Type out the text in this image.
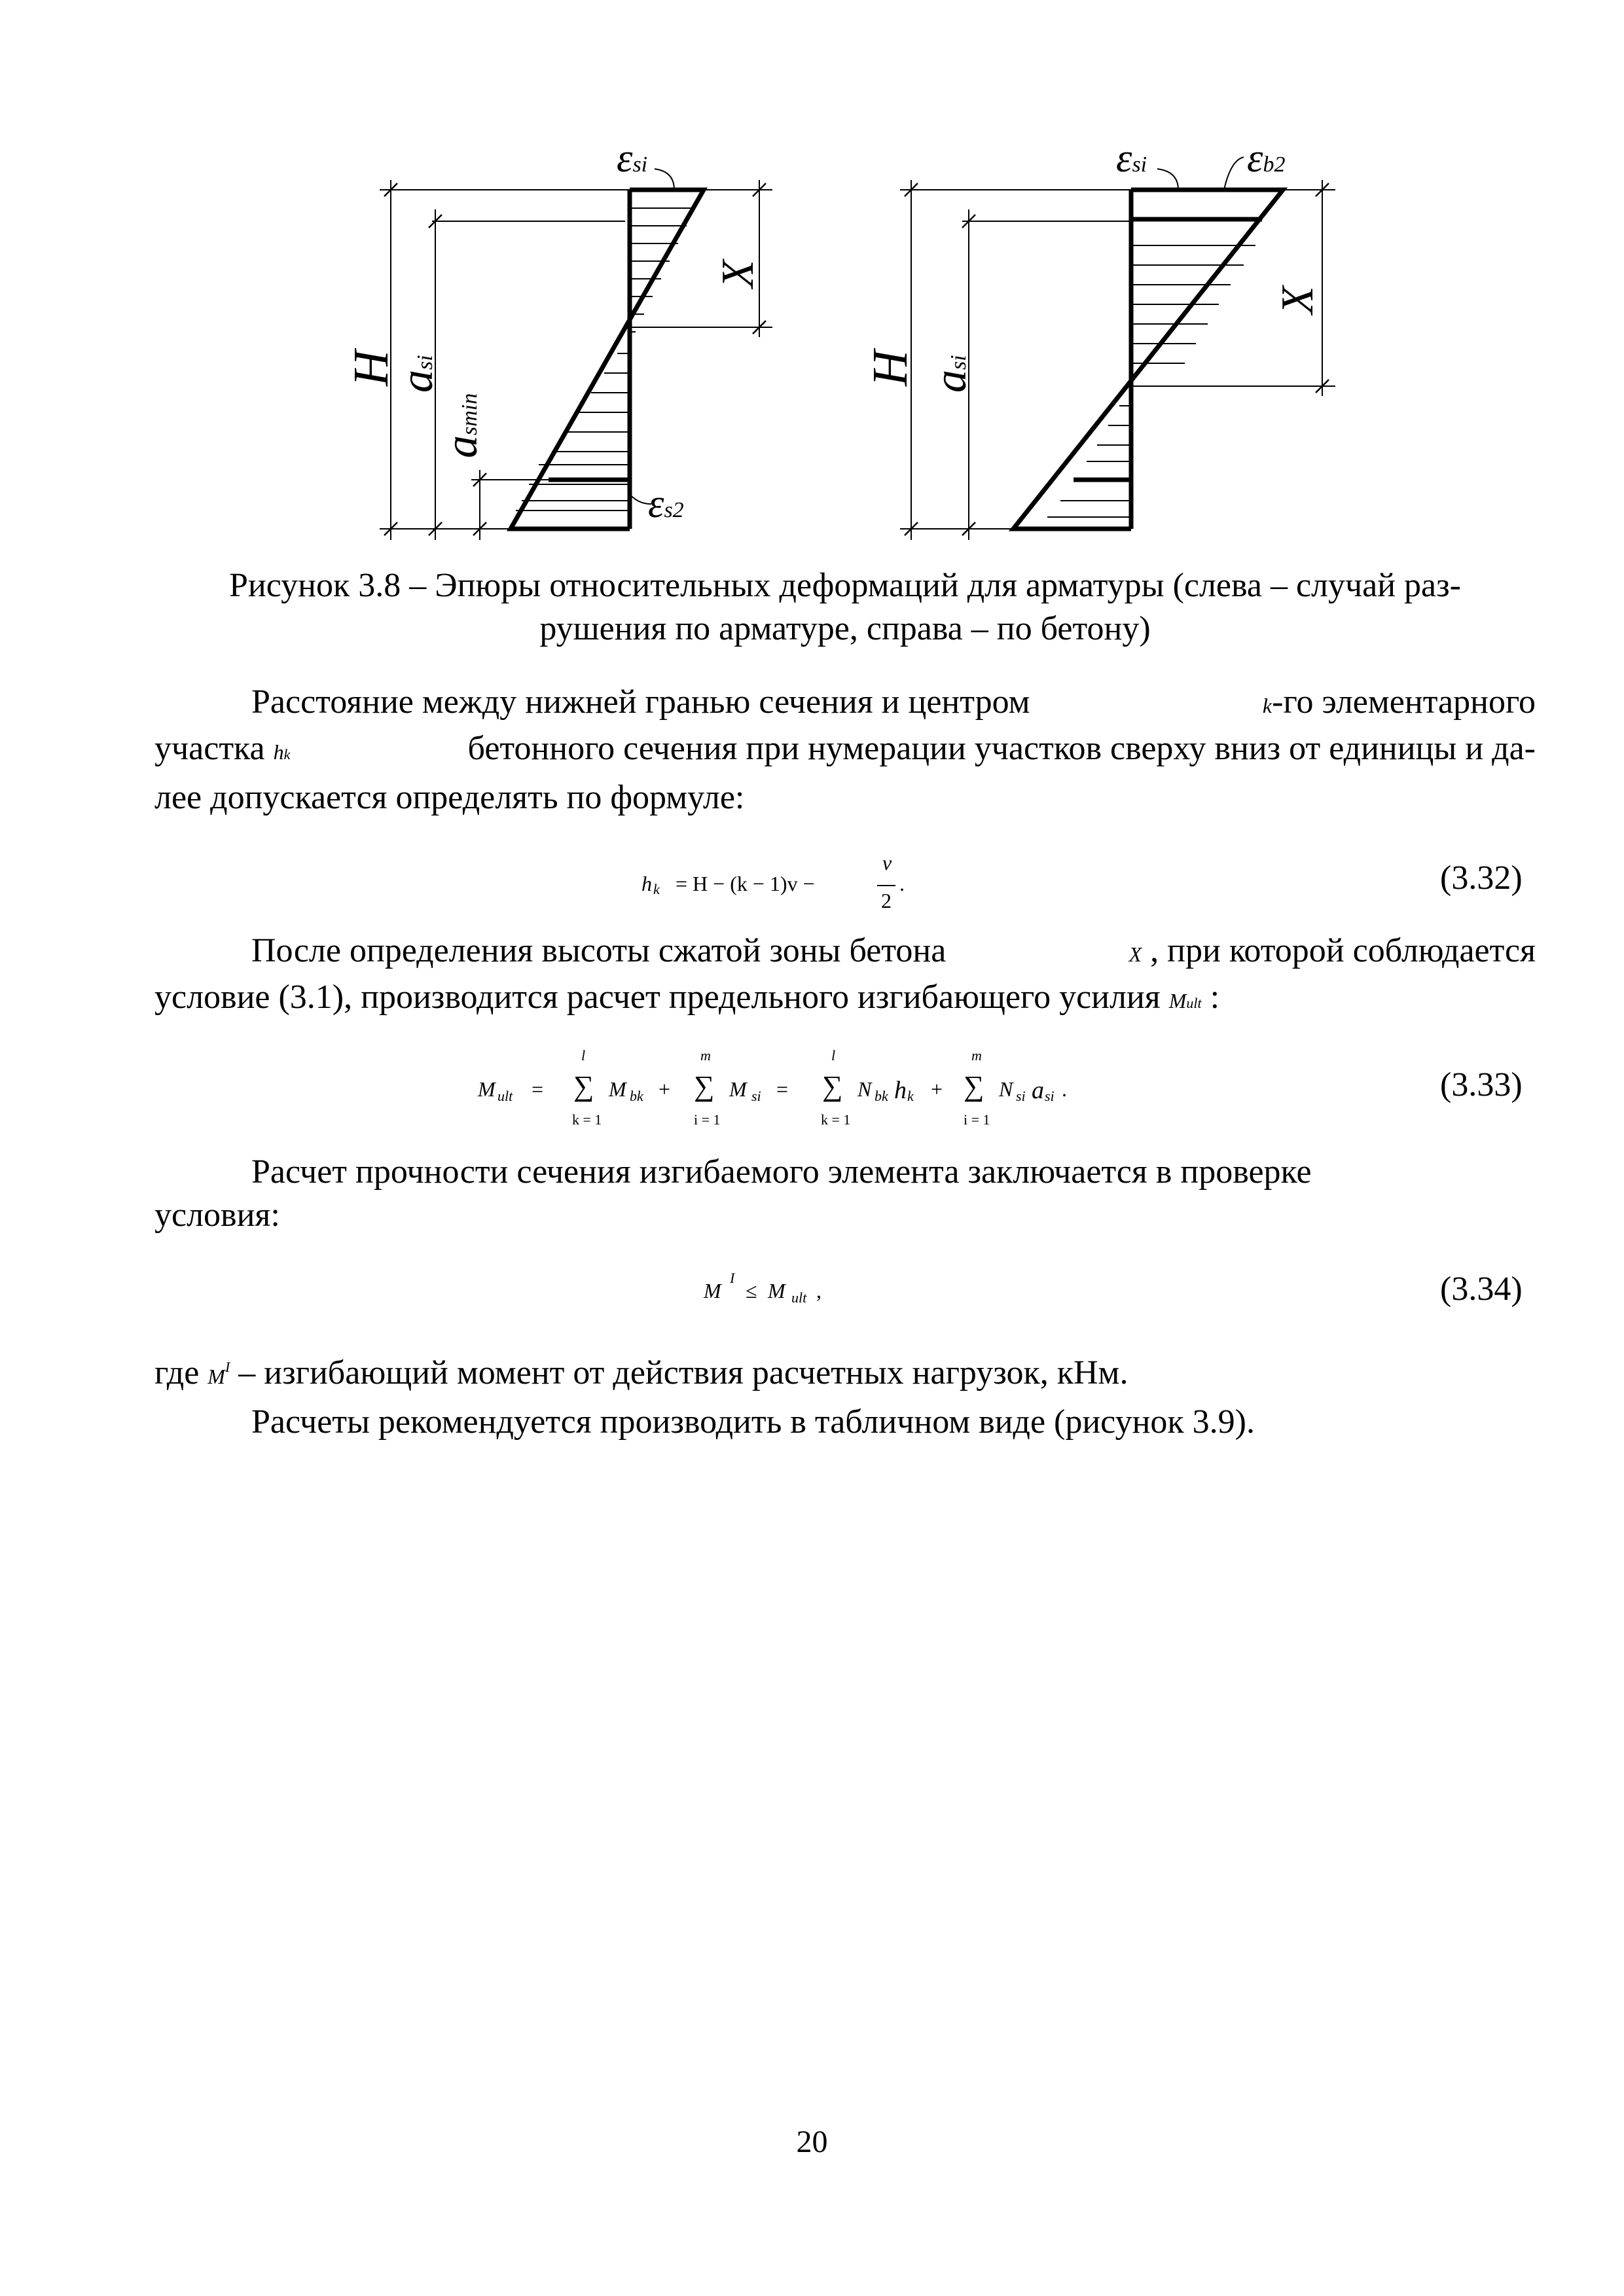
εsi
εs2
H
asi
asmin
X
εsi εb2
H asi
X
Рисунок 3.8 – Эпюры относительных деформаций для арматуры (слева – случай раз-
рушения по арматуре, справа – по бетону)
Расстояние между нижней гранью сечения и центром	k-го элементарного
участка hk	бетонного сечения при нумерации участков сверху вниз от единицы и да-
лее допускается определять по формуле:
h k = H − (k − 1)v −
v
2
.	(3.32)
После определения высоты сжатой зоны бетона	X , при которой соблюдается
условие (3.1), производится расчет предельного изгибающего усилия Mult :
M ult =
l
∑
k = 1
M bk +
m
∑
i = 1
M si =
l
∑
k = 1
N bk h k +
m
∑
i = 1
N si a si .	(3.33)
Расчет прочности сечения изгибаемого элемента заключается в проверке
условия:
M
I
≤ M ult ,	(3.34)
где $M^I$ – изгибающий момент от действия расчетных нагрузок, кНм.
Расчеты рекомендуется производить в табличном виде (рисунок 3.9).
20
